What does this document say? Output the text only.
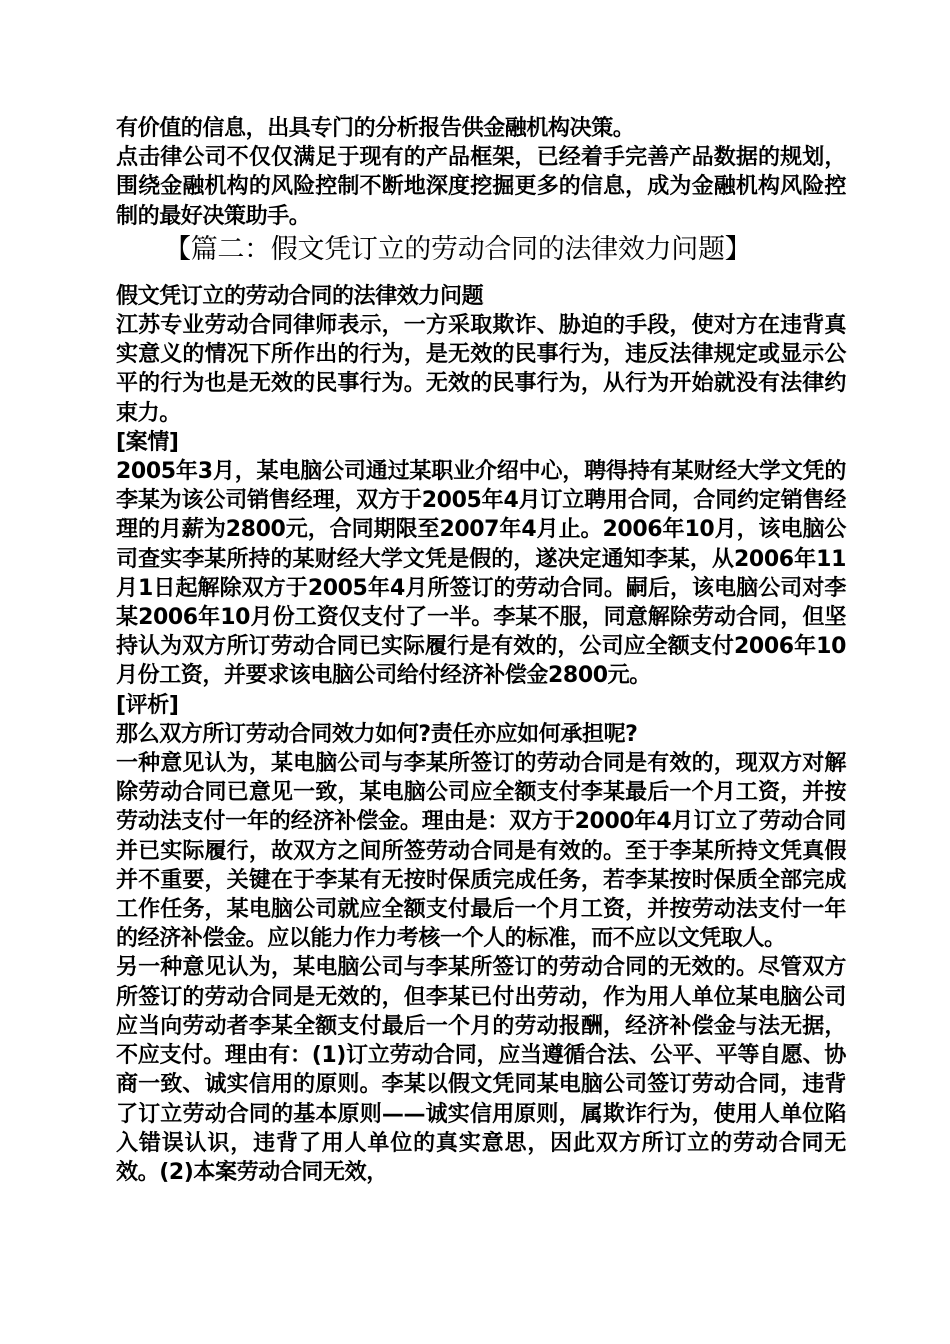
有价值的信息，出具专门的分析报告供金融机构决策。

点击律公司不仅仅满足于现有的产品框架，已经着手完善产品数据的规划，围绕金融机构的风险控制不断地深度挖掘更多的信息，成为金融机构风险控制的最好决策助手。

【篇二：假文凭订立的劳动合同的法律效力问题】

假文凭订立的劳动合同的法律效力问题

江苏专业劳动合同律师表示，一方采取欺诈、胁迫的手段，使对方在违背真实意义的情况下所作出的行为，是无效的民事行为，违反法律规定或显示公平的行为也是无效的民事行为。无效的民事行为，从行为开始就没有法律约束力。

[案情]

2005年3月，某电脑公司通过某职业介绍中心，聘得持有某财经大学文凭的李某为该公司销售经理，双方于2005年4月订立聘用合同，合同约定销售经理的月薪为2800元，合同期限至2007年4月止。2006年10月，该电脑公司查实李某所持的某财经大学文凭是假的，遂决定通知李某，从2006年11月1日起解除双方于2005年4月所签订的劳动合同。嗣后，该电脑公司对李某2006年10月份工资仅支付了一半。李某不服，同意解除劳动合同，但坚持认为双方所订劳动合同已实际履行是有效的，公司应全额支付2006年10月份工资，并要求该电脑公司给付经济补偿金2800元。

[评析]

那么双方所订劳动合同效力如何?责任亦应如何承担呢?

一种意见认为，某电脑公司与李某所签订的劳动合同是有效的，现双方对解除劳动合同已意见一致，某电脑公司应全额支付李某最后一个月工资，并按劳动法支付一年的经济补偿金。理由是：双方于2000年4月订立了劳动合同并已实际履行，故双方之间所签劳动合同是有效的。至于李某所持文凭真假并不重要，关键在于李某有无按时保质完成任务，若李某按时保质全部完成工作任务，某电脑公司就应全额支付最后一个月工资，并按劳动法支付一年的经济补偿金。应以能力作力考核一个人的标准，而不应以文凭取人。

另一种意见认为，某电脑公司与李某所签订的劳动合同的无效的。尽管双方所签订的劳动合同是无效的，但李某已付出劳动，作为用人单位某电脑公司应当向劳动者李某全额支付最后一个月的劳动报酬，经济补偿金与法无据，不应支付。理由有：(1)订立劳动合同，应当遵循合法、公平、平等自愿、协商一致、诚实信用的原则。李某以假文凭同某电脑公司签订劳动合同，违背了订立劳动合同的基本原则——诚实信用原则，属欺诈行为，使用人单位陷入错误认识，违背了用人单位的真实意思，因此双方所订立的劳动合同无效。(2)本案劳动合同无效，
